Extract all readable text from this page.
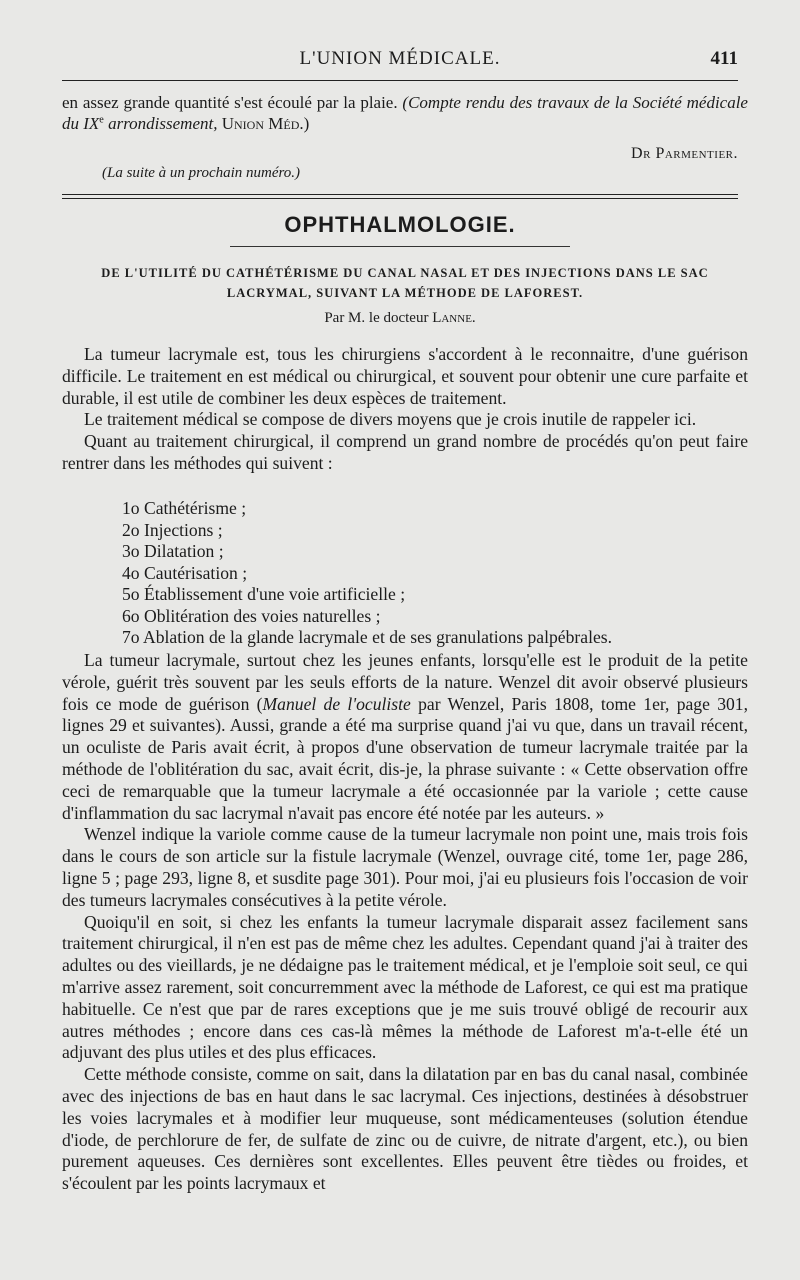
L'UNION MÉDICALE.	411

en assez grande quantité s'est écoulé par la plaie. (Compte rendu des travaux de la Société médicale du IXe arrondissement, Union Méd.)

Dr Parmentier.
(La suite à un prochain numéro.)
OPHTHALMOLOGIE.
DE L'UTILITÉ DU CATHÉTÉRISME DU CANAL NASAL ET DES INJECTIONS DANS LE SAC LACRYMAL, SUIVANT LA MÉTHODE DE LAFOREST.
Par M. le docteur Lanne.

La tumeur lacrymale est, tous les chirurgiens s'accordent à le reconnaitre, d'une guérison difficile. Le traitement en est médical ou chirurgical, et souvent pour obtenir une cure parfaite et durable, il est utile de combiner les deux espèces de traitement.

Le traitement médical se compose de divers moyens que je crois inutile de rappeler ici.

Quant au traitement chirurgical, il comprend un grand nombre de procédés qu'on peut faire rentrer dans les méthodes qui suivent :

1o Cathétérisme ;
2o Injections ;
3o Dilatation ;
4o Cautérisation ;
5o Établissement d'une voie artificielle ;
6o Oblitération des voies naturelles ;
7o Ablation de la glande lacrymale et de ses granulations palpébrales.

La tumeur lacrymale, surtout chez les jeunes enfants, lorsqu'elle est le produit de la petite vérole, guérit très souvent par les seuls efforts de la nature. Wenzel dit avoir observé plusieurs fois ce mode de guérison (Manuel de l'oculiste par Wenzel, Paris 1808, tome 1er, page 301, lignes 29 et suivantes). Aussi, grande a été ma surprise quand j'ai vu que, dans un travail récent, un oculiste de Paris avait écrit, à propos d'une observation de tumeur lacrymale traitée par la méthode de l'oblitération du sac, avait écrit, dis-je, la phrase suivante : « Cette observation offre ceci de remarquable que la tumeur lacrymale a été occasionnée par la variole ; cette cause d'inflammation du sac lacrymal n'avait pas encore été notée par les auteurs. »

Wenzel indique la variole comme cause de la tumeur lacrymale non point une, mais trois fois dans le cours de son article sur la fistule lacrymale (Wenzel, ouvrage cité, tome 1er, page 286, ligne 5 ; page 293, ligne 8, et susdite page 301). Pour moi, j'ai eu plusieurs fois l'occasion de voir des tumeurs lacrymales consécutives à la petite vérole.

Quoiqu'il en soit, si chez les enfants la tumeur lacrymale disparait assez facilement sans traitement chirurgical, il n'en est pas de même chez les adultes. Cependant quand j'ai à traiter des adultes ou des vieillards, je ne dédaigne pas le traitement médical, et je l'emploie soit seul, ce qui m'arrive assez rarement, soit concurremment avec la méthode de Laforest, ce qui est ma pratique habituelle. Ce n'est que par de rares exceptions que je me suis trouvé obligé de recourir aux autres méthodes ; encore dans ces cas-là mêmes la méthode de Laforest m'a-t-elle été un adjuvant des plus utiles et des plus efficaces.

Cette méthode consiste, comme on sait, dans la dilatation par en bas du canal nasal, combinée avec des injections de bas en haut dans le sac lacrymal. Ces injections, destinées à désobstruer les voies lacrymales et à modifier leur muqueuse, sont médicamenteuses (solution étendue d'iode, de perchlorure de fer, de sulfate de zinc ou de cuivre, de nitrate d'argent, etc.), ou bien purement aqueuses. Ces dernières sont excellentes. Elles peuvent être tièdes ou froides, et s'écoulent par les points lacrymaux et
